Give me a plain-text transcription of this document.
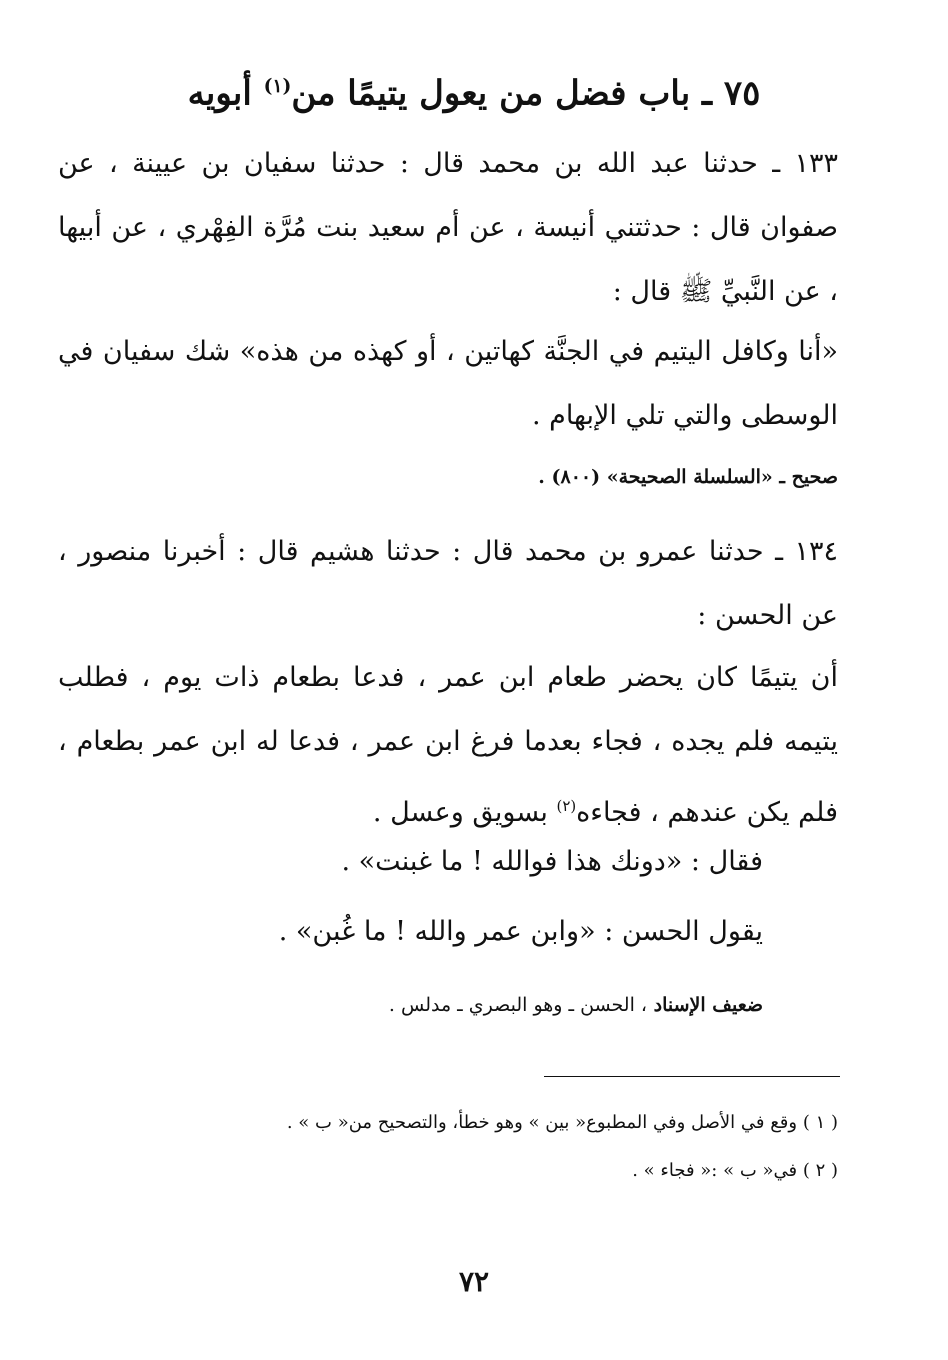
٧٥ ـ باب فضل من يعول يتيمًا من$^{(١)}$ أبويه
١٣٣ ـ حدثنا عبد الله بن محمد قال : حدثنا سفيان بن عيينة ، عن صفوان قال : حدثتني أنيسة ، عن أم سعيد بنت مُرَّة الفِهْري ، عن أبيها ، عن النَّبيِّ ﷺ قال :
«أنا وكافل اليتيم في الجنَّة كهاتين ، أو كهذه من هذه» شك سفيان في الوسطى والتي تلي الإبهام .
صحيح ـ «السلسلة الصحيحة» (٨٠٠) .
١٣٤ ـ حدثنا عمرو بن محمد قال : حدثنا هشيم قال : أخبرنا منصور ، عن الحسن :
أن يتيمًا كان يحضر طعام ابن عمر ، فدعا بطعام ذات يوم ، فطلب يتيمه فلم يجده ، فجاء بعدما فرغ ابن عمر ، فدعا له ابن عمر بطعام ، فلم يكن عندهم ، فجاءه$^{(٢)}$ بسويق وعسل .
فقال : «دونك هذا فوالله ! ما غبنت» .
يقول الحسن : «وابن عمر والله ! ما غُبن» .
ضعيف الإسناد ، الحسن ـ وهو البصري ـ مدلس .
( ١ ) وقع في الأصل وفي المطبوع« بين » وهو خطأ، والتصحيح من« ب » .
( ٢ ) في« ب » :« فجاء » .
٧٢
